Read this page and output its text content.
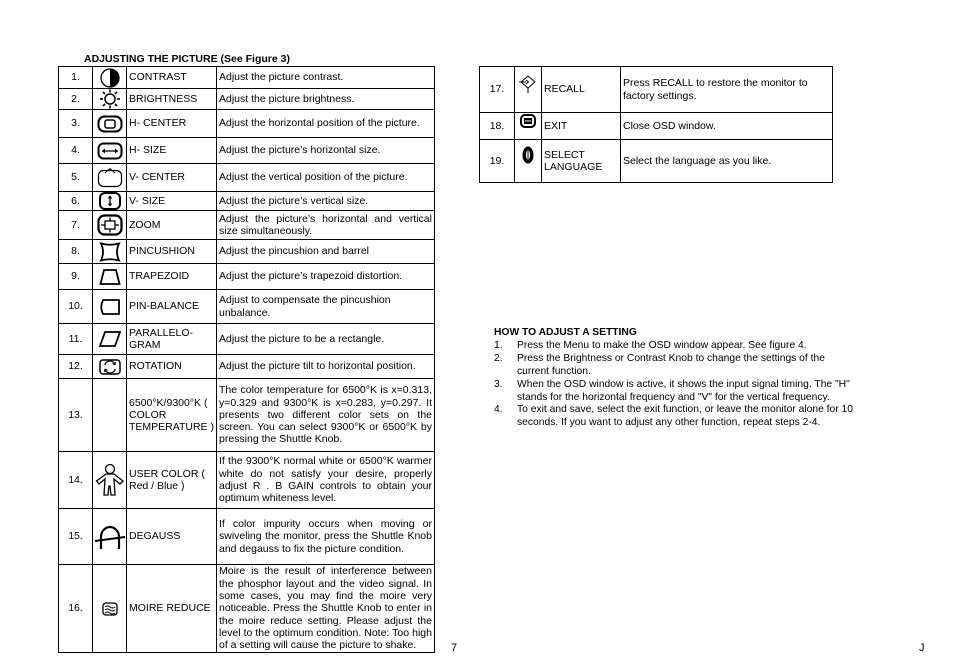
ADJUSTING THE PICTURE (See Figure 3)
1.		CONTRAST	Adjust the picture contrast.
2.		BRIGHTNESS	Adjust the picture brightness.
3.		H- CENTER	Adjust the horizontal position of the picture.
4.		H- SIZE	Adjust the picture’s horizontal size.
5.		V- CENTER	Adjust the vertical position of the picture.
6.		V- SIZE	Adjust the picture’s vertical size.
7.		ZOOM	Adjust the picture’s horizontal and vertical size simultaneously.
8.		PINCUSHION	Adjust the pincushion and barrel
9.		TRAPEZOID	Adjust the picture’s trapezoid distortion.
10.		PIN-BALANCE	Adjust to compensate the pincushion unbalance.
11.		PARALLELO-GRAM	Adjust the picture to be a rectangle.
12.		ROTATION	Adjust the picture tilt to horizontal position.
13.		6500°K/9300°K ( COLOR TEMPERATURE )	The color temperature for 6500°K is x=0.313, y=0.329 and 9300°K is x=0.283, y=0.297. It presents two different color sets on the screen. You can select 9300°K or 6500°K by pressing the Shuttle Knob.
14.		USER COLOR ( Red / Blue )	If the 9300°K normal white or 6500°K warmer white do not satisfy your desire, properly adjust R . B GAIN controls to obtain your optimum whiteness level.
15.		DEGAUSS	If color impurity occurs when moving or swiveling the monitor, press the Shuttle Knob and degauss to fix the picture condition.
16.		MOIRE REDUCE	Moire is the result of interference between the phosphor layout and the video signal. In some cases, you may find the moire very noticeable. Press the Shuttle Knob to enter in the moire reduce setting. Please adjust the level to the optimum condition. Note: Too high of a setting will cause the picture to shake.
17.		RECALL	Press RECALL to restore the monitor to factory settings.
18.		EXIT	Close OSD window.
19.		SELECT LANGUAGE	Select the language as you like.
HOW TO ADJUST A SETTING
1. Press the Menu to make the OSD window appear. See figure 4.
2. Press the Brightness or Contrast Knob to change the settings of the current function.
3. When the OSD window is active, it shows the input signal timing. The "H" stands for the horizontal frequency and "V" for the vertical frequency.
4. To exit and save, select the exit function, or leave the monitor alone for 10 seconds. If you want to adjust any other function, repeat steps 2-4.
7	J
